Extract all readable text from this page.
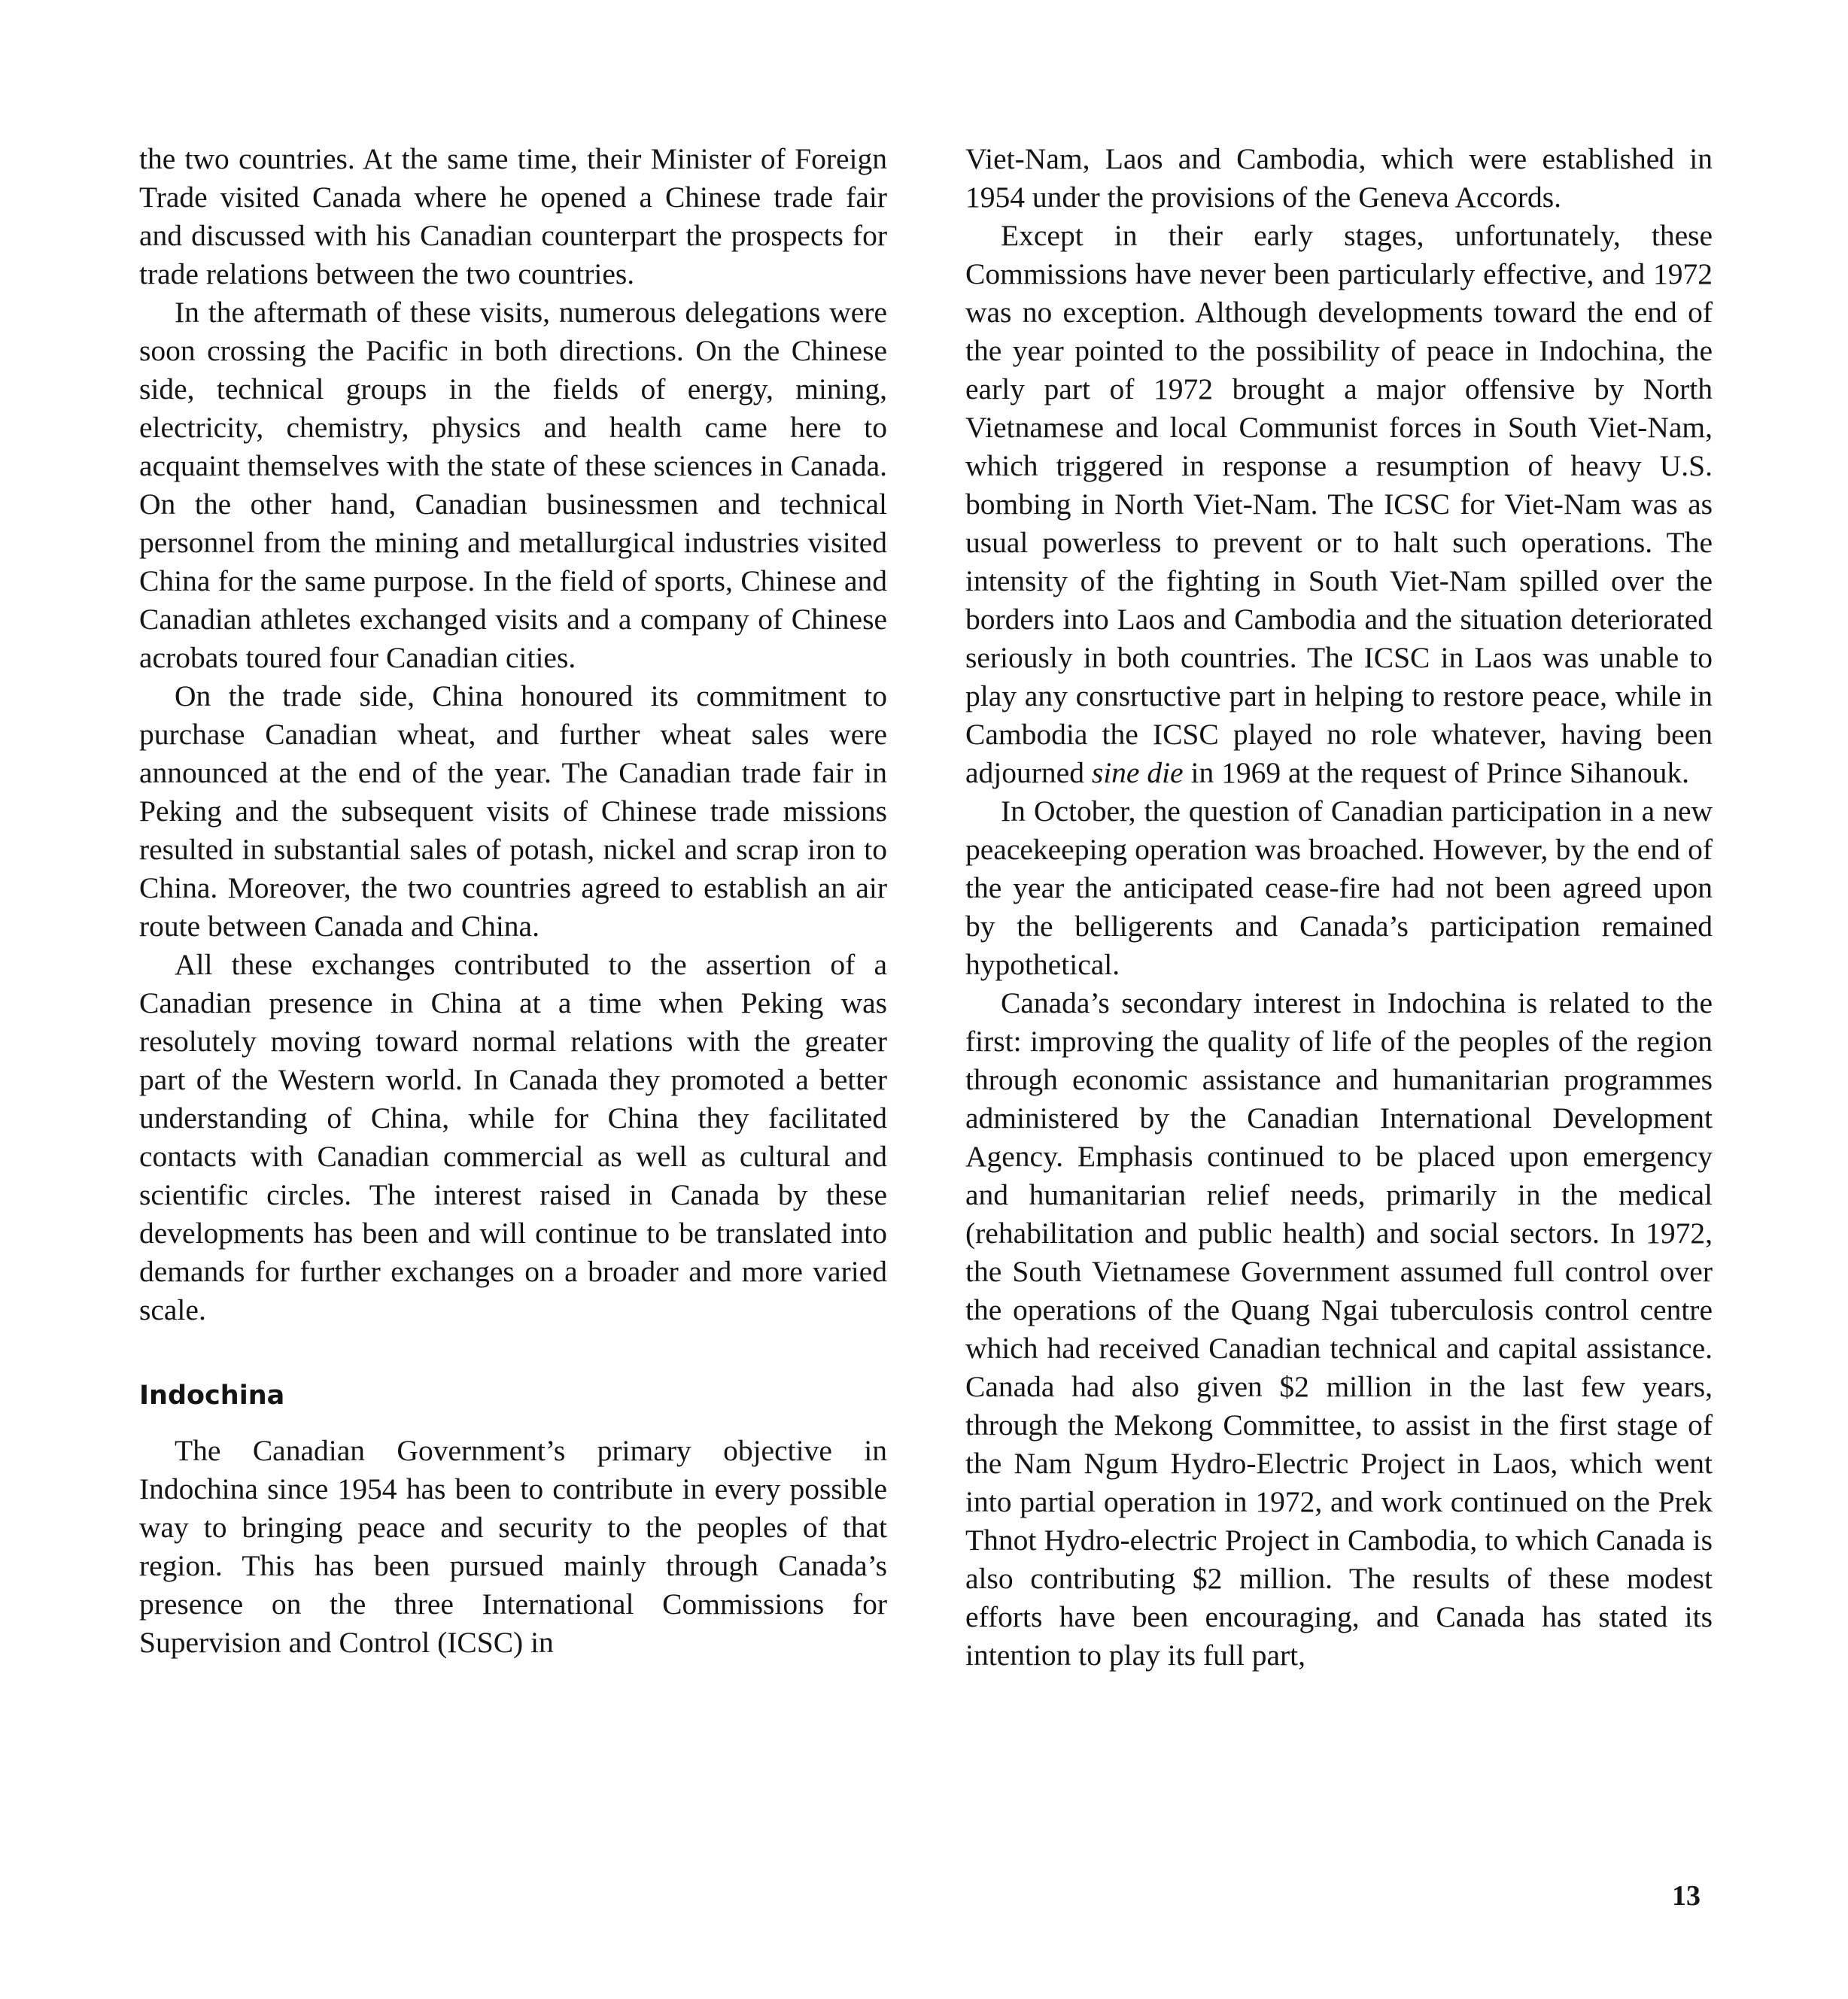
the two countries. At the same time, their Minister of Foreign Trade visited Canada where he opened a Chinese trade fair and discussed with his Canadian counterpart the prospects for trade relations between the two countries.

In the aftermath of these visits, numerous delegations were soon crossing the Pacific in both directions. On the Chinese side, technical groups in the fields of energy, mining, electricity, chemistry, physics and health came here to acquaint themselves with the state of these sciences in Canada. On the other hand, Canadian businessmen and technical personnel from the mining and metallurgical industries visited China for the same purpose. In the field of sports, Chinese and Canadian athletes exchanged visits and a company of Chinese acrobats toured four Canadian cities.

On the trade side, China honoured its commitment to purchase Canadian wheat, and further wheat sales were announced at the end of the year. The Canadian trade fair in Peking and the subsequent visits of Chinese trade missions resulted in substantial sales of potash, nickel and scrap iron to China. Moreover, the two countries agreed to establish an air route between Canada and China.

All these exchanges contributed to the assertion of a Canadian presence in China at a time when Peking was resolutely moving toward normal relations with the greater part of the Western world. In Canada they promoted a better understanding of China, while for China they facilitated contacts with Canadian commercial as well as cultural and scientific circles. The interest raised in Canada by these developments has been and will continue to be translated into demands for further exchanges on a broader and more varied scale.

Indochina

The Canadian Government’s primary objective in Indochina since 1954 has been to contribute in every possible way to bringing peace and security to the peoples of that region. This has been pursued mainly through Canada’s presence on the three International Commissions for Supervision and Control (ICSC) in

Viet-Nam, Laos and Cambodia, which were established in 1954 under the provisions of the Geneva Accords.

Except in their early stages, unfortunately, these Commissions have never been particularly effective, and 1972 was no exception. Although developments toward the end of the year pointed to the possibility of peace in Indochina, the early part of 1972 brought a major offensive by North Vietnamese and local Communist forces in South Viet-Nam, which triggered in response a resumption of heavy U.S. bombing in North Viet-Nam. The ICSC for Viet-Nam was as usual powerless to prevent or to halt such operations. The intensity of the fighting in South Viet-Nam spilled over the borders into Laos and Cambodia and the situation deteriorated seriously in both countries. The ICSC in Laos was unable to play any consrtuctive part in helping to restore peace, while in Cambodia the ICSC played no role whatever, having been adjourned sine die in 1969 at the request of Prince Sihanouk.

In October, the question of Canadian participation in a new peacekeeping operation was broached. However, by the end of the year the anticipated cease-fire had not been agreed upon by the belligerents and Canada’s participation remained hypothetical.

Canada’s secondary interest in Indochina is related to the first: improving the quality of life of the peoples of the region through economic assistance and humanitarian programmes administered by the Canadian International Development Agency. Emphasis continued to be placed upon emergency and humanitarian relief needs, primarily in the medical (rehabilitation and public health) and social sectors. In 1972, the South Vietnamese Government assumed full control over the operations of the Quang Ngai tuberculosis control centre which had received Canadian technical and capital assistance. Canada had also given $2 million in the last few years, through the Mekong Committee, to assist in the first stage of the Nam Ngum Hydro-Electric Project in Laos, which went into partial operation in 1972, and work continued on the Prek Thnot Hydro-electric Project in Cambodia, to which Canada is also contributing $2 million. The results of these modest efforts have been encouraging, and Canada has stated its intention to play its full part,

13
